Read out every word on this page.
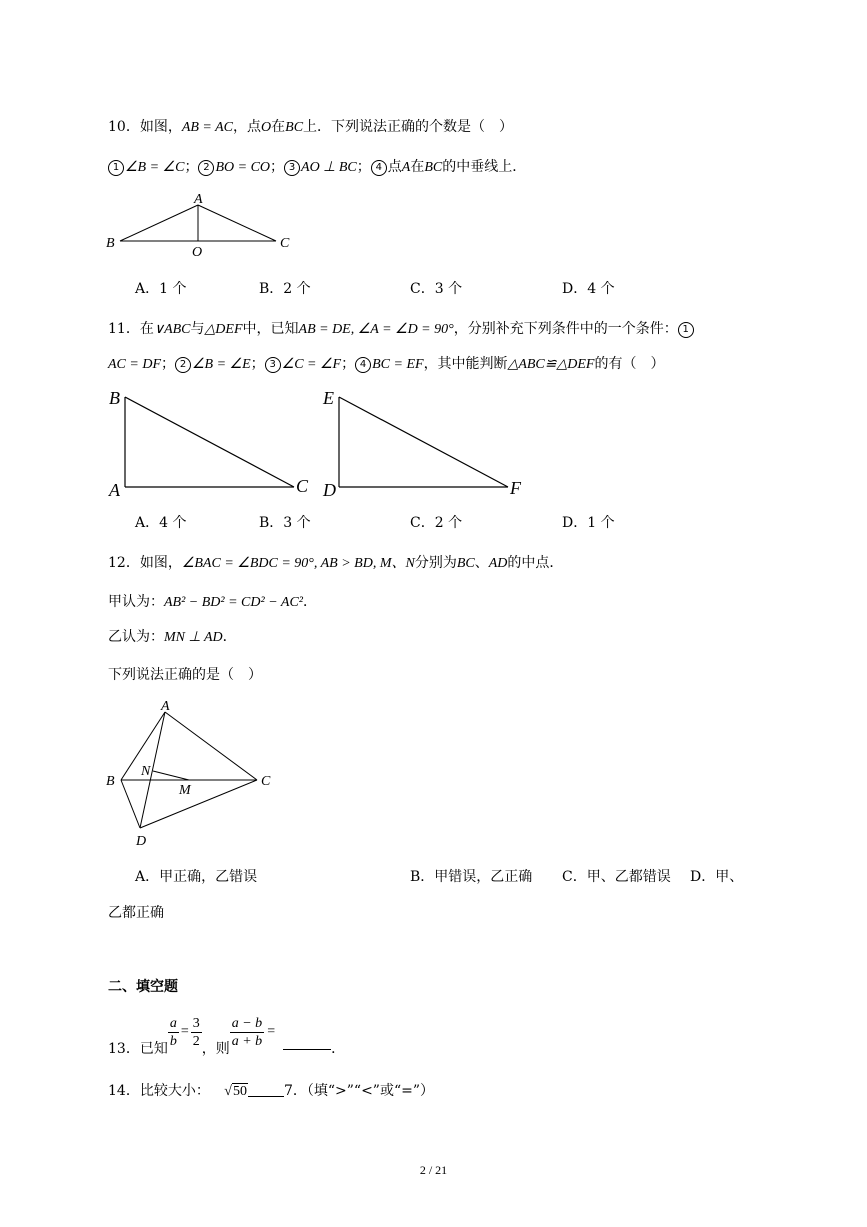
10．如图，AB = AC，点O在BC上．下列说法正确的个数是（　）
1 ∠B = ∠C； 2 BO = CO； 3 AO ⊥ BC； 4 点A在BC的中垂线上．
A
B	C
O
A．1 个	B．2 个	C．3 个	D．4 个
11．在∨ABC与△DEF中，已知AB = DE, ∠A = ∠D = 90°，分别补充下列条件中的一个条件： 1
AC = DF； 2 ∠B = ∠E； 3 ∠C = ∠F； 4 BC = EF，其中能判断△ABC≌△DEF的有（　）
B
A	C
E
D	F
A．4 个	B．3 个	C．2 个	D．1 个
12．如图，∠BAC = ∠BDC = 90°, AB > BD, M、N分别为BC、AD的中点．
甲认为：AB² − BD² = CD² − AC²．
乙认为：MN ⊥ AD．
下列说法正确的是（　）
A
B	C
D
N
M
A．甲正确，乙错误	B．甲错误，乙正确 C．甲、乙都错误 D．甲、
乙都正确
二、填空题
13． 已知 $\frac{a}{b} = \frac{3}{2}$ ，则 $\frac{a - b}{a + b}$ =
．
14．比较大小： √50	7．（填“>”“<”或“=”）
2 / 21
